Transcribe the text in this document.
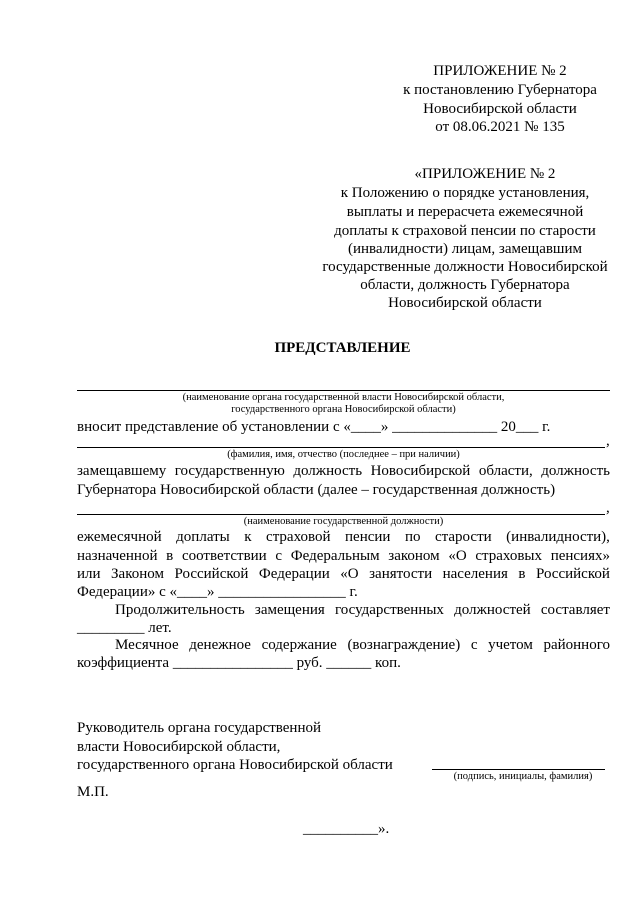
ПРИЛОЖЕНИЕ № 2
к постановлению Губернатора
Новосибирской области
от 08.06.2021 № 135
«ПРИЛОЖЕНИЕ № 2
к Положению о порядке установления,
выплаты и перерасчета ежемесячной
доплаты к страховой пенсии по старости
(инвалидности) лицам, замещавшим
государственные должности Новосибирской
области, должность Губернатора
Новосибирской области
ПРЕДСТАВЛЕНИЕ
(наименование органа государственной власти Новосибирской области,
государственного органа Новосибирской области)
вносит представление об установлении с «____» ______________ 20___ г.
,
(фамилия, имя, отчество (последнее – при наличии)
замещавшему государственную должность Новосибирской области, должность
Губернатора Новосибирской области (далее – государственная должность)
,
(наименование государственной должности)
ежемесячной доплаты к страховой пенсии по старости (инвалидности),
назначенной в соответствии с Федеральным законом «О страховых пенсиях»
или Законом Российской Федерации «О занятости населения в Российской
Федерации» с «____» _________________ г.
Продолжительность замещения государственных должностей составляет
_________ лет.
Месячное денежное содержание (вознаграждение) с учетом районного
коэффициента ________________ руб. ______ коп.
Руководитель органа государственной
власти Новосибирской области,
государственного органа Новосибирской области
(подпись, инициалы, фамилия)
М.П.
__________».
